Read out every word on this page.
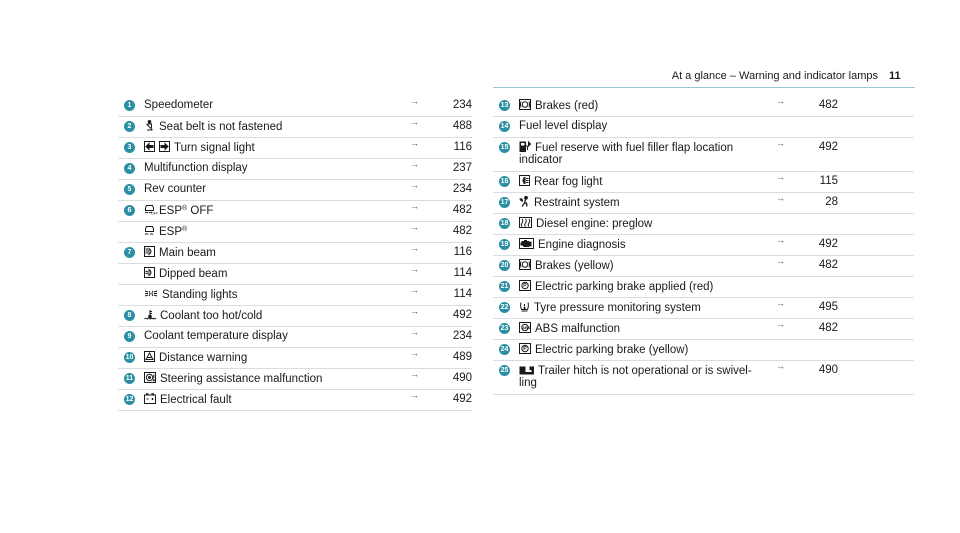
At a glance – Warning and indicator lamps 11
1	Speedometer	→	234
2	Seat belt is not fastened	→	488
3	Turn signal light	→	116
4	Multifunction display	→	237
5	Rev counter	→	234
6	OFF ESP® OFF	→	482
ESP®	→	482
7	Main beam	→	116
Dipped beam	→	114
Standing lights	→	114
8	Coolant too hot/cold	→	492
9	Coolant temperature display	→	234
10	Distance warning	→	489
11	Steering assistance malfunction	→	490
12	Electrical fault	→	492
13	Brakes (red)	→	482
14 Fuel level display
15	Fuel reserve with fuel filler flap location
indicator
→	492
16	Rear fog light	→	115
17	Restraint system	→	28
18	Diesel engine: preglow
19	Engine diagnosis	→	492
20	Brakes (yellow)	→	482
21	P Electric parking brake applied (red)
22	Tyre pressure monitoring system	→	495
23	ABS ABS malfunction	→	482
24	P Electric parking brake (yellow)
25	Trailer hitch is not operational or is swivel-
ling
→	490
